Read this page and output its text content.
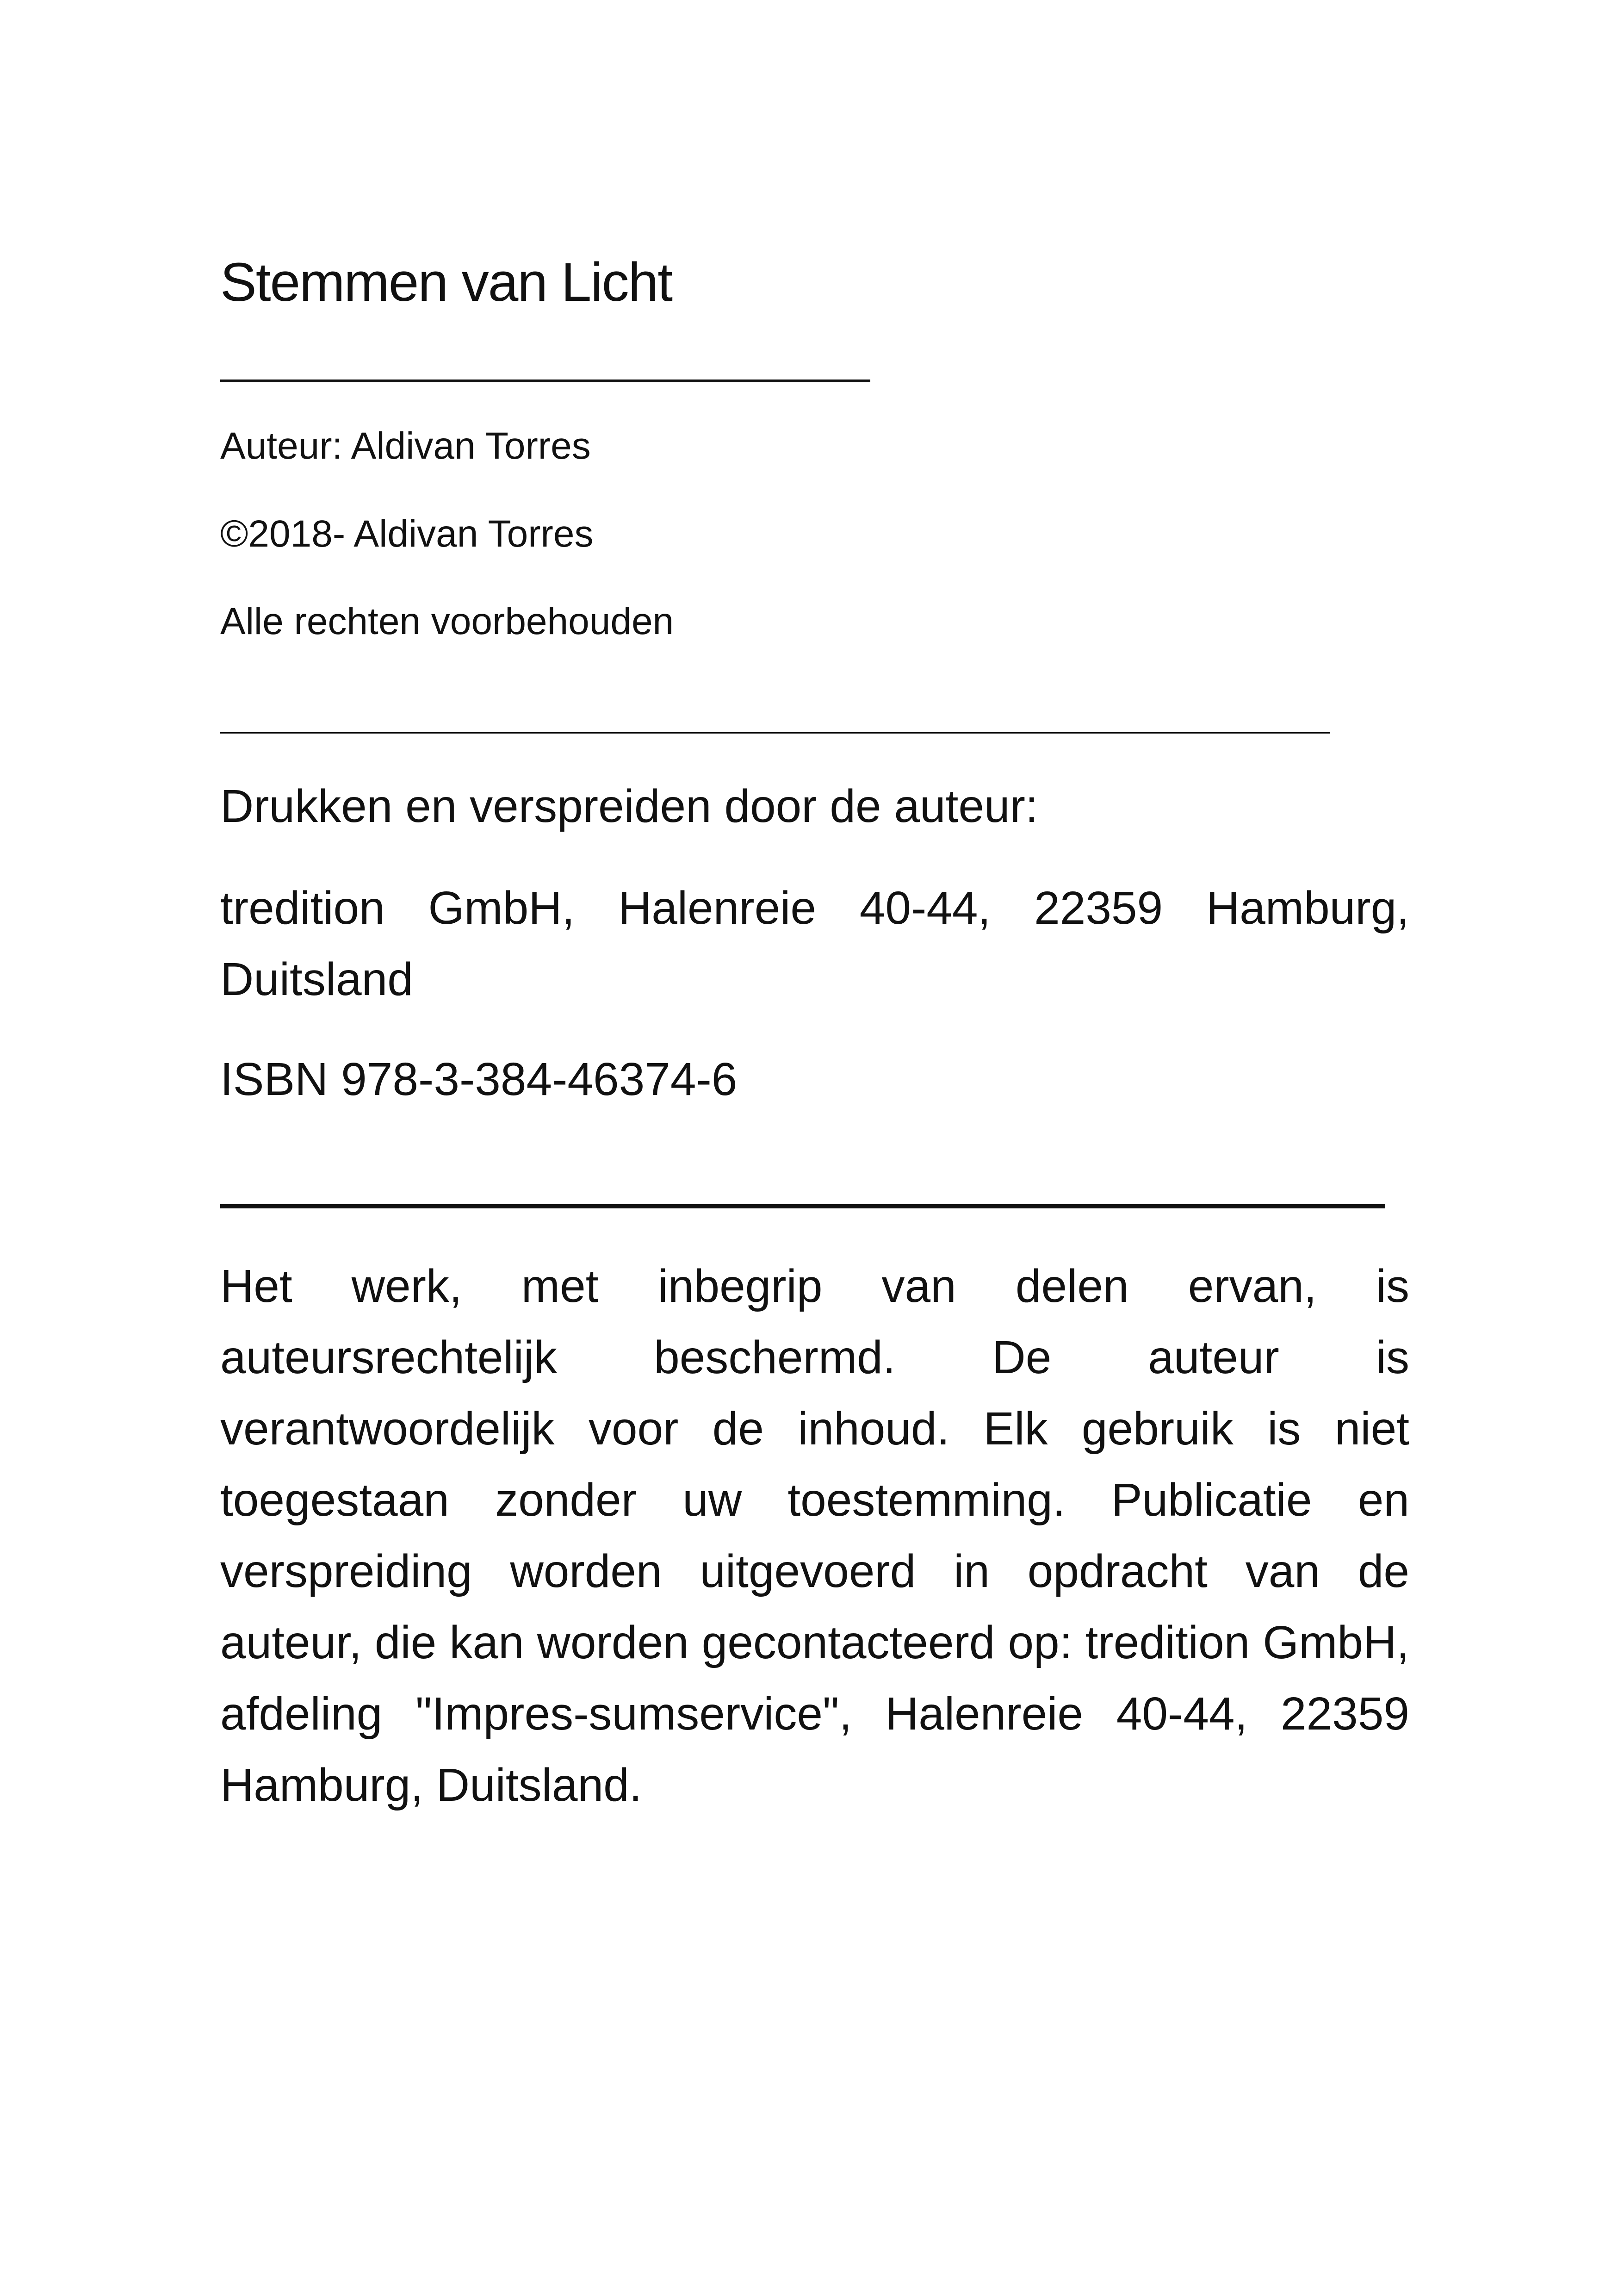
Stemmen van Licht
Auteur: Aldivan Torres
©2018- Aldivan Torres
Alle rechten voorbehouden
Drukken en verspreiden door de auteur:
tredition GmbH, Halenreie 40-44, 22359 Hamburg, Duitsland
ISBN 978-3-384-46374-6
Het werk, met inbegrip van delen ervan, is auteursrechtelijk beschermd. De auteur is verantwoordelijk voor de inhoud. Elk gebruik is niet toegestaan zonder uw toestemming. Publicatie en verspreiding worden uitgevoerd in opdracht van de auteur, die kan worden gecontacteerd op: tredition GmbH, afdeling "Impres-sumservice", Halenreie 40-44, 22359 Hamburg, Duitsland.
